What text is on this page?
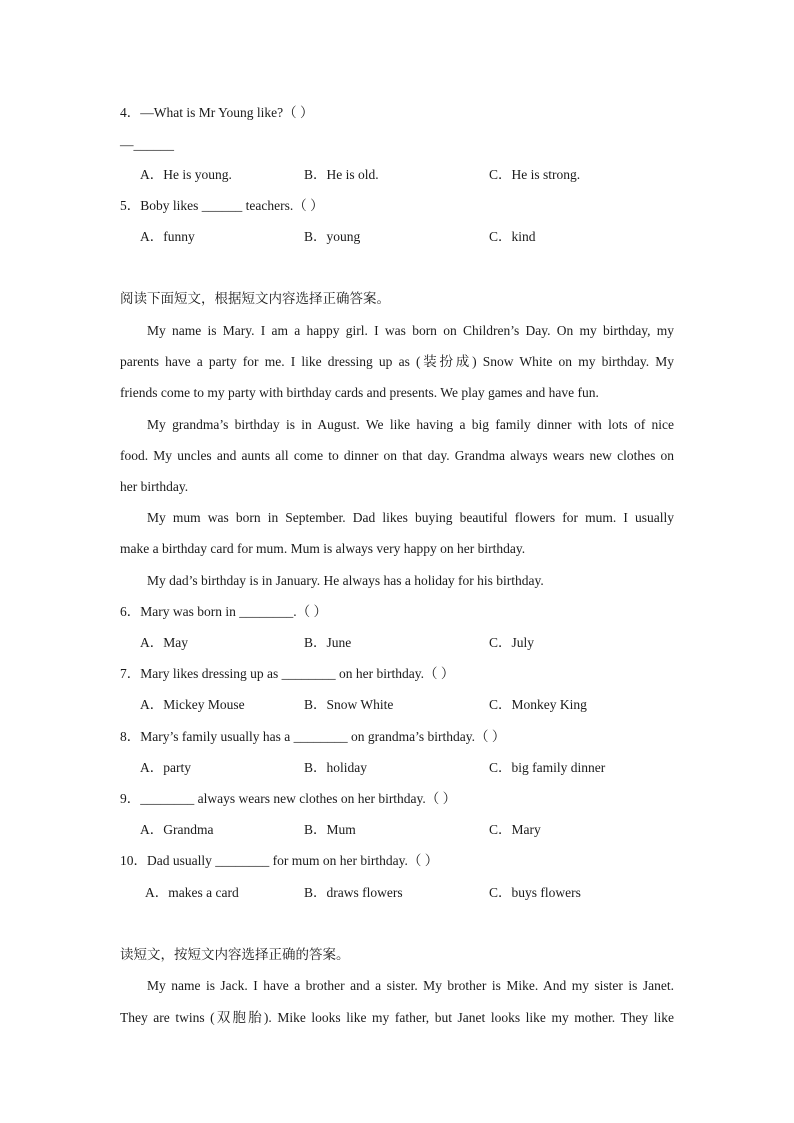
4．—What is Mr Young like?（ ）
—______
A．He is young.	B．He is old.	C．He is strong.
5．Boby likes ______ teachers.（ ）
A．funny	B．young	C．kind
阅读下面短文，根据短文内容选择正确答案。
My name is Mary. I am a happy girl. I was born on Children’s Day. On my birthday, my
parents have a party for me. I like dressing up as (装扮成) Snow White on my birthday. My
friends come to my party with birthday cards and presents. We play games and have fun.
My grandma’s birthday is in August. We like having a big family dinner with lots of nice
food. My uncles and aunts all come to dinner on that day. Grandma always wears new clothes on
her birthday.
My mum was born in September. Dad likes buying beautiful flowers for mum. I usually
make a birthday card for mum. Mum is always very happy on her birthday.
My dad’s birthday is in January. He always has a holiday for his birthday.
6．Mary was born in ________.（ ）
A．May	B．June	C．July
7．Mary likes dressing up as ________ on her birthday.（ ）
A．Mickey Mouse	B．Snow White	C．Monkey King
8．Mary’s family usually has a ________ on grandma’s birthday.（ ）
A．party	B．holiday	C．big family dinner
9．________ always wears new clothes on her birthday.（ ）
A．Grandma	B．Mum	C．Mary
10．Dad usually ________ for mum on her birthday.（ ）
A．makes a card	B．draws flowers	C．buys flowers
读短文，按短文内容选择正确的答案。
My name is Jack. I have a brother and a sister. My brother is Mike. And my sister is Janet.
They are twins (双胞胎). Mike looks like my father, but Janet looks like my mother. They like
